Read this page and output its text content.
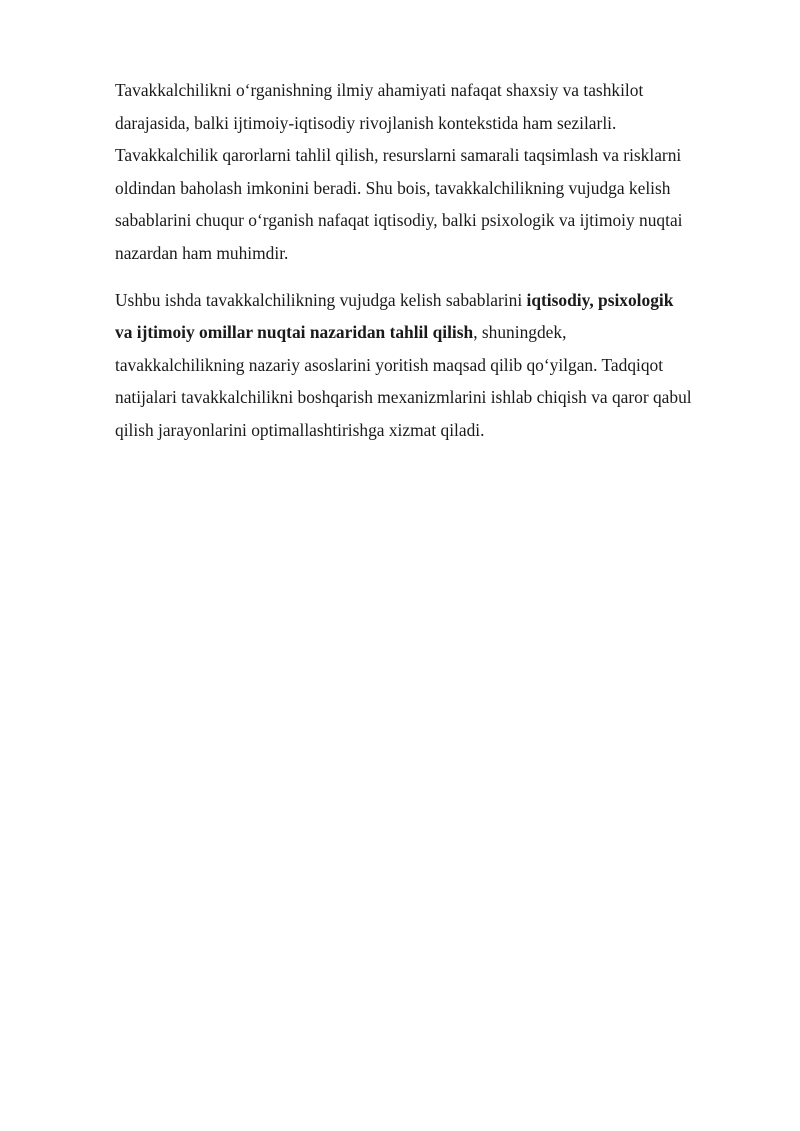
Tavakkalchilikni oʻrganishning ilmiy ahamiyati nafaqat shaxsiy va tashkilot
darajasida, balki ijtimoiy-iqtisodiy rivojlanish kontekstida ham sezilarli.
Tavakkalchilik qarorlarni tahlil qilish, resurslarni samarali taqsimlash va risklarni
oldindan baholash imkonini beradi. Shu bois, tavakkalchilikning vujudga kelish
sabablarini chuqur oʻrganish nafaqat iqtisodiy, balki psixologik va ijtimoiy nuqtai
nazardan ham muhimdir.

Ushbu ishda tavakkalchilikning vujudga kelish sabablarini iqtisodiy, psixologik
va ijtimoiy omillar nuqtai nazaridan tahlil qilish, shuningdek,
tavakkalchilikning nazariy asoslarini yoritish maqsad qilib qoʻyilgan. Tadqiqot
natijalari tavakkalchilikni boshqarish mexanizmlarini ishlab chiqish va qaror qabul
qilish jarayonlarini optimallashtirishga xizmat qiladi.
